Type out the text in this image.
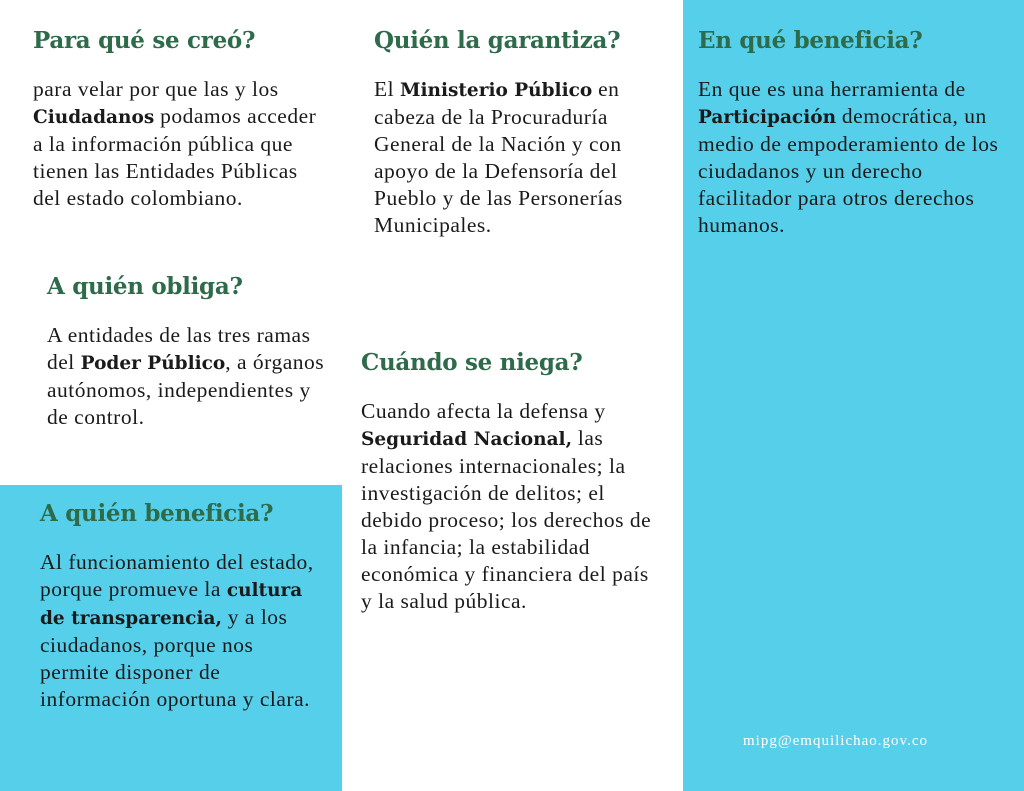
Para qué se creó?

para velar por que las y los Ciudadanos podamos acceder a la información pública que tienen las Entidades Públicas del estado colombiano.

A quién obliga?

A entidades de las tres ramas del Poder Público, a órganos autónomos, independientes y de control.

A quién beneficia?

Al funcionamiento del estado, porque promueve la cultura de transparencia, y a los ciudadanos, porque nos permite disponer de información oportuna y clara.

Quién la garantiza?

El Ministerio Público en cabeza de la Procuraduría General de la Nación y con apoyo de la Defensoría del Pueblo y de las Personerías Municipales.

Cuándo se niega?

Cuando afecta la defensa y Seguridad Nacional, las relaciones internacionales; la investigación de delitos; el debido proceso; los derechos de la infancia; la estabilidad económica y financiera del país y la salud pública.

En qué beneficia?

En que es una herramienta de Participación democrática, un medio de empoderamiento de los ciudadanos y un derecho facilitador para otros derechos humanos.

mipg@emquilichao.gov.co
